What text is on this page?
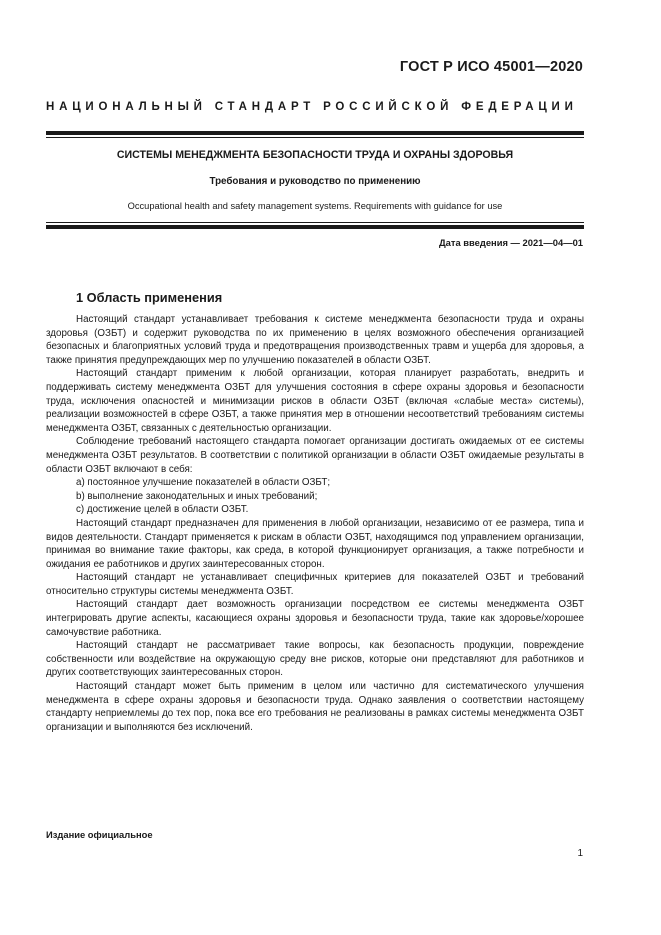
ГОСТ Р ИСО 45001—2020
НАЦИОНАЛЬНЫЙ СТАНДАРТ РОССИЙСКОЙ ФЕДЕРАЦИИ
СИСТЕМЫ МЕНЕДЖМЕНТА БЕЗОПАСНОСТИ ТРУДА И ОХРАНЫ ЗДОРОВЬЯ
Требования и руководство по применению
Occupational health and safety management systems. Requirements with guidance for use
Дата введения — 2021—04—01
1 Область применения

Настоящий стандарт устанавливает требования к системе менеджмента безопасности труда и охраны здоровья (ОЗБТ) и содержит руководства по их применению в целях возможного обеспечения организацией безопасных и благоприятных условий труда и предотвращения производственных травм и ущерба для здоровья, а также принятия предупреждающих мер по улучшению показателей в области ОЗБТ.

Настоящий стандарт применим к любой организации, которая планирует разработать, внедрить и поддерживать систему менеджмента ОЗБТ для улучшения состояния в сфере охраны здоровья и безопасности труда, исключения опасностей и минимизации рисков в области ОЗБТ (включая «слабые места» системы), реализации возможностей в сфере ОЗБТ, а также принятия мер в отношении несоответствий требованиям системы менеджмента ОЗБТ, связанных с деятельностью организации.

Соблюдение требований настоящего стандарта помогает организации достигать ожидаемых от ее системы менеджмента ОЗБТ результатов. В соответствии с политикой организации в области ОЗБТ ожидаемые результаты в области ОЗБТ включают в себя:

a) постоянное улучшение показателей в области ОЗБТ;

b) выполнение законодательных и иных требований;

c) достижение целей в области ОЗБТ.

Настоящий стандарт предназначен для применения в любой организации, независимо от ее размера, типа и видов деятельности. Стандарт применяется к рискам в области ОЗБТ, находящимся под управлением организации, принимая во внимание такие факторы, как среда, в которой функционирует организация, а также потребности и ожидания ее работников и других заинтересованных сторон.

Настоящий стандарт не устанавливает специфичных критериев для показателей ОЗБТ и требований относительно структуры системы менеджмента ОЗБТ.

Настоящий стандарт дает возможность организации посредством ее системы менеджмента ОЗБТ интегрировать другие аспекты, касающиеся охраны здоровья и безопасности труда, такие как здоровье/хорошее самочувствие работника.

Настоящий стандарт не рассматривает такие вопросы, как безопасность продукции, повреждение собственности или воздействие на окружающую среду вне рисков, которые они представляют для работников и других соответствующих заинтересованных сторон.

Настоящий стандарт может быть применим в целом или частично для систематического улучшения менеджмента в сфере охраны здоровья и безопасности труда. Однако заявления о соответствии настоящему стандарту неприемлемы до тех пор, пока все его требования не реализованы в рамках системы менеджмента ОЗБТ организации и выполняются без исключений.

Издание официальное
1
